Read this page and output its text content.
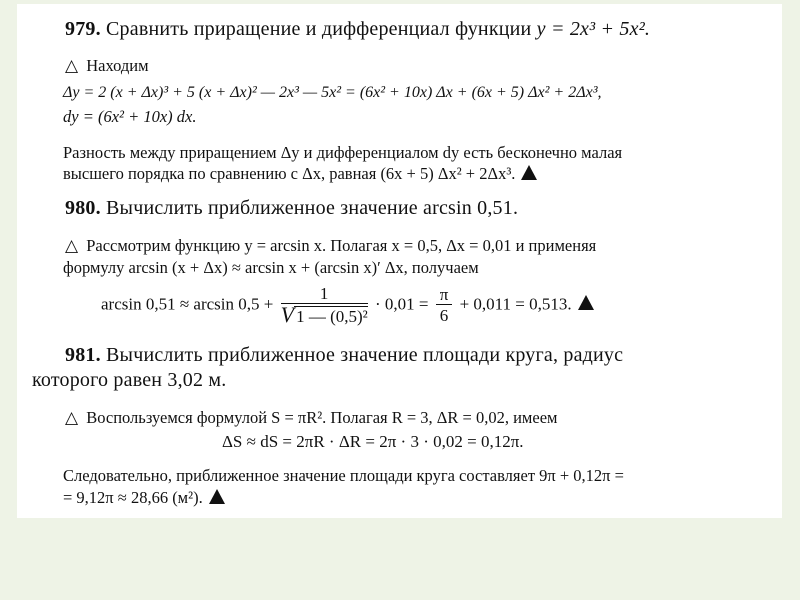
979. Сравнить приращение и дифференциал функции y = 2x³ + 5x².
△ Находим
Δy = 2 (x + Δx)³ + 5 (x + Δx)² — 2x³ — 5x² = (6x² + 10x) Δx + (6x + 5) Δx² + 2Δx³,
dy = (6x² + 10x) dx.
Разность между приращением Δy и дифференциалом dy есть бесконечно малая
высшего порядка по сравнению с Δx, равная (6x + 5) Δx² + 2Δx³.
980. Вычислить приближенное значение arcsin 0,51.
△ Рассмотрим функцию y = arcsin x. Полагая x = 0,5, Δx = 0,01 и применяя
формулу arcsin (x + Δx) ≈ arcsin x + (arcsin x)′ Δx, получаем
$\arcsin 0,51 \approx \arcsin 0,5 + \frac{1}{\text{V 1 — (0,5)²}} \cdot 0,01 = \frac{\pi}{6} + 0,011 = 0,513$.
981. Вычислить приближенное значение площади круга, радиус
которого равен 3,02 м.
△ Воспользуемся формулой S = πR². Полагая R = 3, ΔR = 0,02, имеем
ΔS ≈ dS = 2πR · ΔR = 2π · 3 · 0,02 = 0,12π.
Следовательно, приближенное значение площади круга составляет 9π + 0,12π =
= 9,12π ≈ 28,66 (м²).
